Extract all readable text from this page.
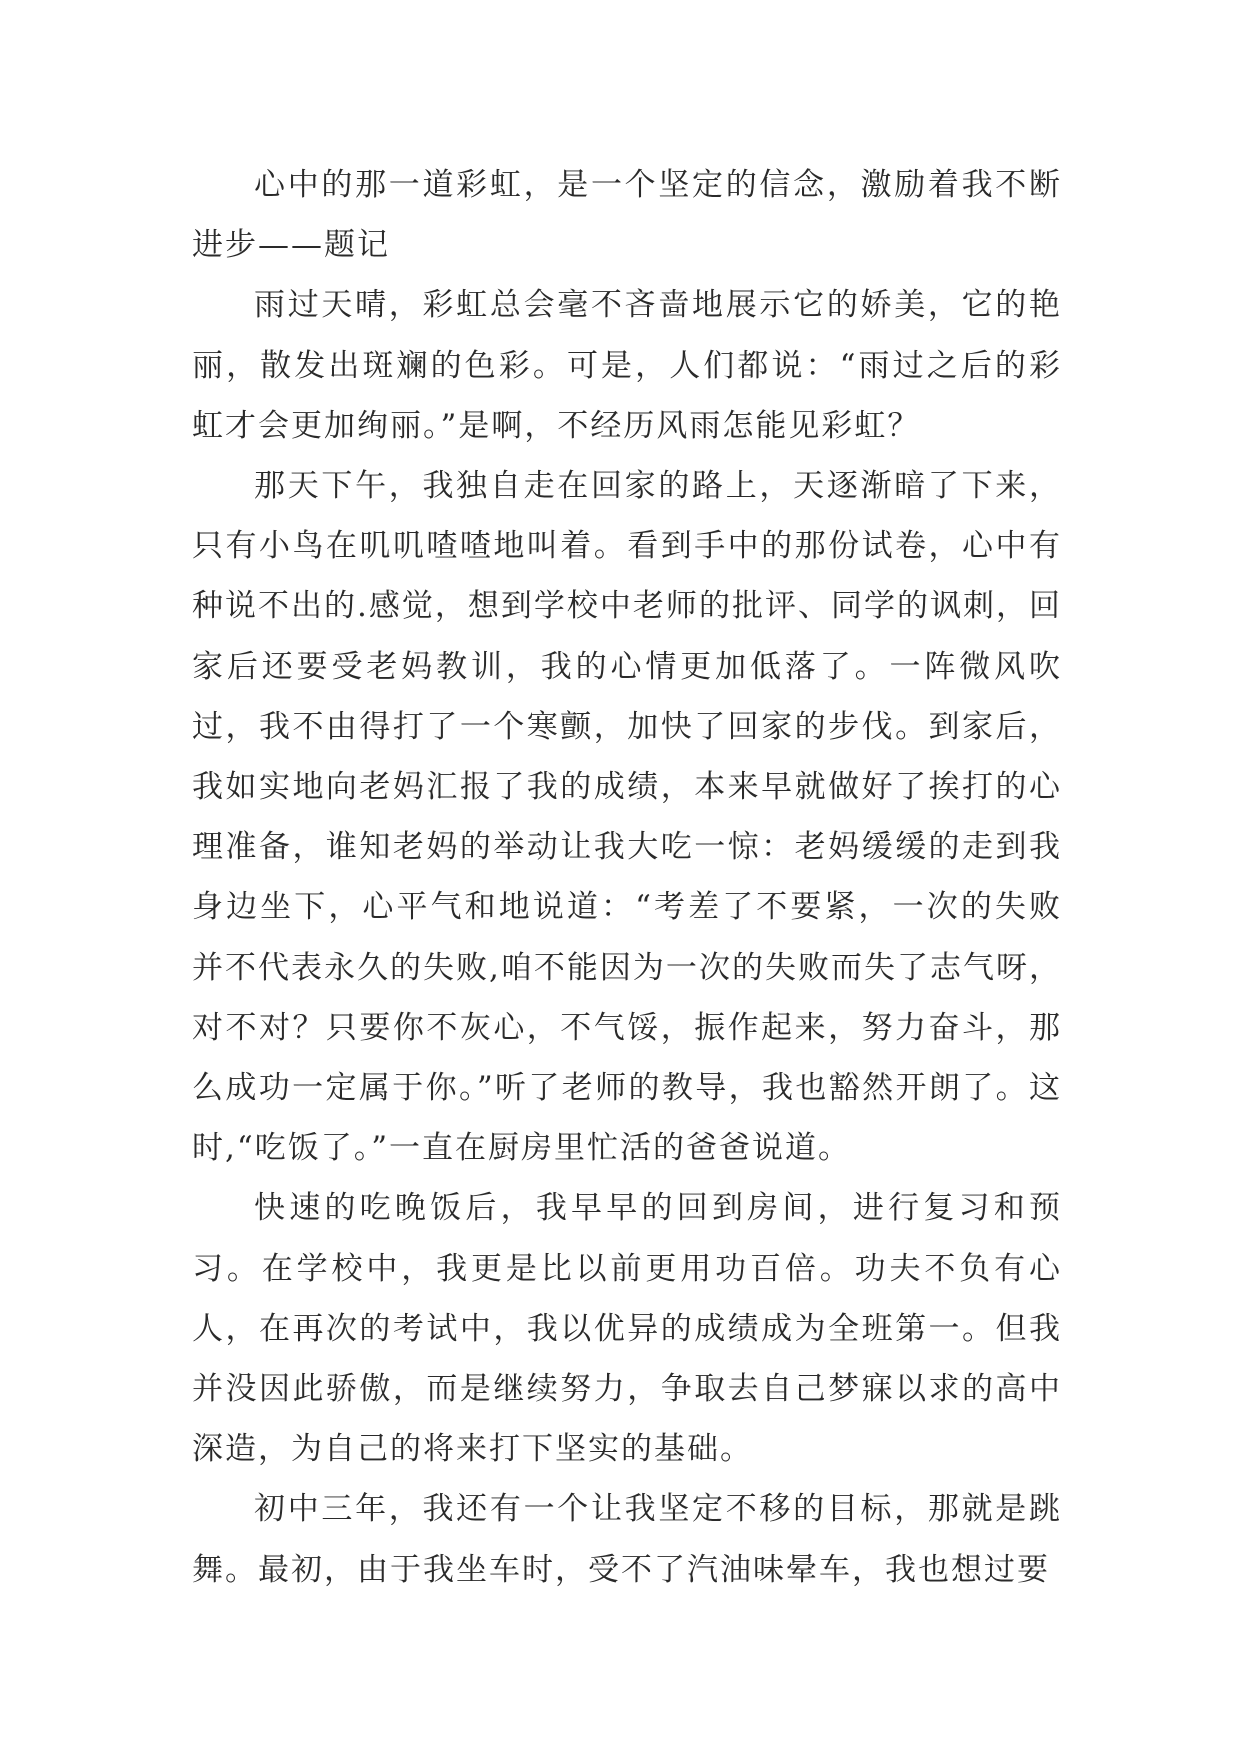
心中的那一道彩虹，是一个坚定的信念，激励着我不断进步——题记

雨过天晴，彩虹总会毫不吝啬地展示它的娇美，它的艳丽，散发出斑斓的色彩。可是，人们都说：“雨过之后的彩虹才会更加绚丽。”是啊，不经历风雨怎能见彩虹？

那天下午，我独自走在回家的路上，天逐渐暗了下来，只有小鸟在叽叽喳喳地叫着。看到手中的那份试卷，心中有种说不出的.感觉，想到学校中老师的批评、同学的讽刺，回家后还要受老妈教训，我的心情更加低落了。一阵微风吹过，我不由得打了一个寒颤，加快了回家的步伐。到家后，我如实地向老妈汇报了我的成绩，本来早就做好了挨打的心理准备，谁知老妈的举动让我大吃一惊：老妈缓缓的走到我身边坐下，心平气和地说道：“考差了不要紧，一次的失败并不代表永久的失败,咱不能因为一次的失败而失了志气呀，对不对？只要你不灰心，不气馁，振作起来，努力奋斗，那么成功一定属于你。”听了老师的教导，我也豁然开朗了。这时,“吃饭了。”一直在厨房里忙活的爸爸说道。

快速的吃晚饭后，我早早的回到房间，进行复习和预习。在学校中，我更是比以前更用功百倍。功夫不负有心人，在再次的考试中，我以优异的成绩成为全班第一。但我并没因此骄傲，而是继续努力，争取去自己梦寐以求的高中深造，为自己的将来打下坚实的基础。

初中三年，我还有一个让我坚定不移的目标，那就是跳舞。最初，由于我坐车时，受不了汽油味晕车，我也想过要
